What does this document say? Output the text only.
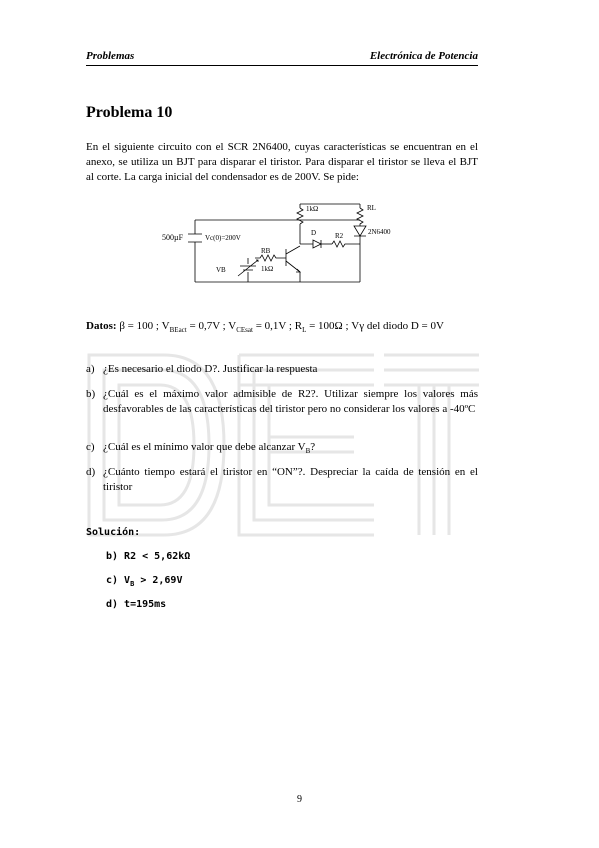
Problemas	Electrónica de Potencia
Problema 10
En el siguiente circuito con el SCR 2N6400, cuyas características se encuentran en el anexo, se utiliza un BJT para disparar el tiristor. Para disparar el tiristor se lleva el BJT al corte. La carga inicial del condensador es de 200V. Se pide:
500µF	Vc(0)=200V
1kΩ	RL
D	R2	2N6400
RB
1kΩ
VB
Datos: β = 100 ; $V_{BEact} = 0,7V$ ; $V_{CEsat} = 0,1V$ ; $R_L = 100\Omega$ ; Vγ del diodo D = 0V
a) ¿Es necesario el diodo D?. Justificar la respuesta
b) ¿Cuál es el máximo valor admisible de R2?. Utilizar siempre los valores más desfavorables de las características del tiristor pero no considerar los valores a -40ºC
c) ¿Cuál es el mínimo valor que debe alcanzar $V_B$?
d) ¿Cuánto tiempo estará el tiristor en “ON”?. Despreciar la caída de tensión en el tiristor
Solución:
b) R2 < 5,62kΩ
c) $V_B > 2,69V$
d) t=195ms
9
